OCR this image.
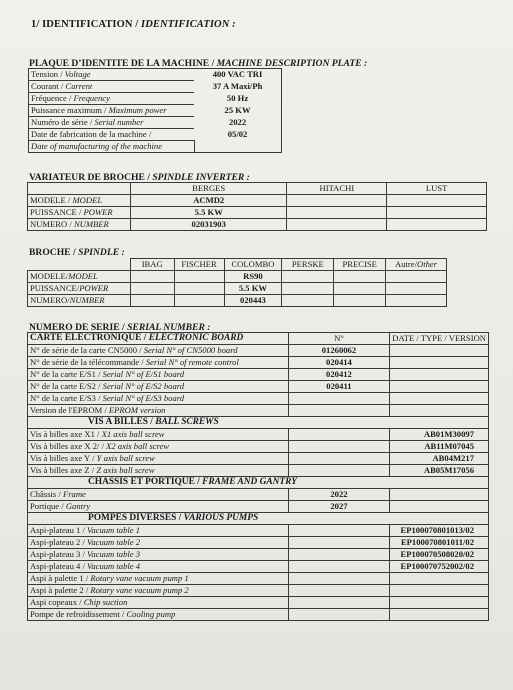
1/ IDENTIFICATION / IDENTIFICATION :
PLAQUE D’IDENTITE DE LA MACHINE / MACHINE DESCRIPTION PLATE :
Tension / Voltage	400 VAC TRI
Courant / Current	37 A Maxi/Ph
Fréquence / Frequency	50 Hz
Puissance maximum / Maximum power	25 KW
Numéro de série / Serial number	2022
Date de fabrication de la machine /	05/02
Date of manufacturing of the machine	
VARIATEUR DE BROCHE / SPINDLE INVERTER :
	BERGES	HITACHI	LUST
MODELE / MODEL	ACMD2		
PUISSANCE / POWER	5.5 KW		
NUMERO / NUMBER	02031903		
BROCHE / SPINDLE :
	IBAG	FISCHER	COLOMBO	PERSKE	PRECISE	Autre/Other
MODELE/MODEL			RS90			
PUISSANCE/POWER			5.5 KW			
NUMERO/NUMBER			020443			
NUMERO DE SERIE / SERIAL NUMBER :
CARTE ELECTRONIQUE / ELECTRONIC BOARD	N°	DATE / TYPE / VERSION
N° de série de la carte CN5000 / Serial N° of CN5000 board	01260062	
N° de série de la télécommande / Serial N° of remote control	020414	
N° de la carte E/S1 / Serial N° of E/S1 board	020412	
N° de la carte E/S2 / Serial N° of E/S2 board	020411	
N° de la carte E/S3 / Serial N° of E/S3 board		
Version de l'EPROM / EPROM version		
VIS A BILLES / BALL SCREWS		
Vis à billes axe X1 / X1 axis ball screw		AB01M30097
Vis à billes axe X 2/ / X2 axis ball screw		AB11M07045
Vis à billes axe Y / Y axis ball screw		AB04M217
Vis à billes axe Z / Z axis ball screw		AB05M17056
CHASSIS ET PORTIQUE / FRAME AND GANTRY		
Châssis / Frame	2022	
Portique / Gantry	2027	
POMPES DIVERSES / VARIOUS PUMPS		
Aspi-plateau 1 / Vacuum table 1		EP100070801013/02
Aspi-plateau 2 / Vacuum table 2		EP100070801011/02
Aspi-plateau 3 / Vacuum table 3		EP100070508020/02
Aspi-plateau 4 / Vacuum table 4		EP100070752002/02
Aspi à palette 1 / Rotary vane vacuum pump 1		
Aspi à palette 2 / Rotary vane vacuum pump 2		
Aspi copeaux / Chip suction		
Pompe de refroidissement / Cooling pump		
